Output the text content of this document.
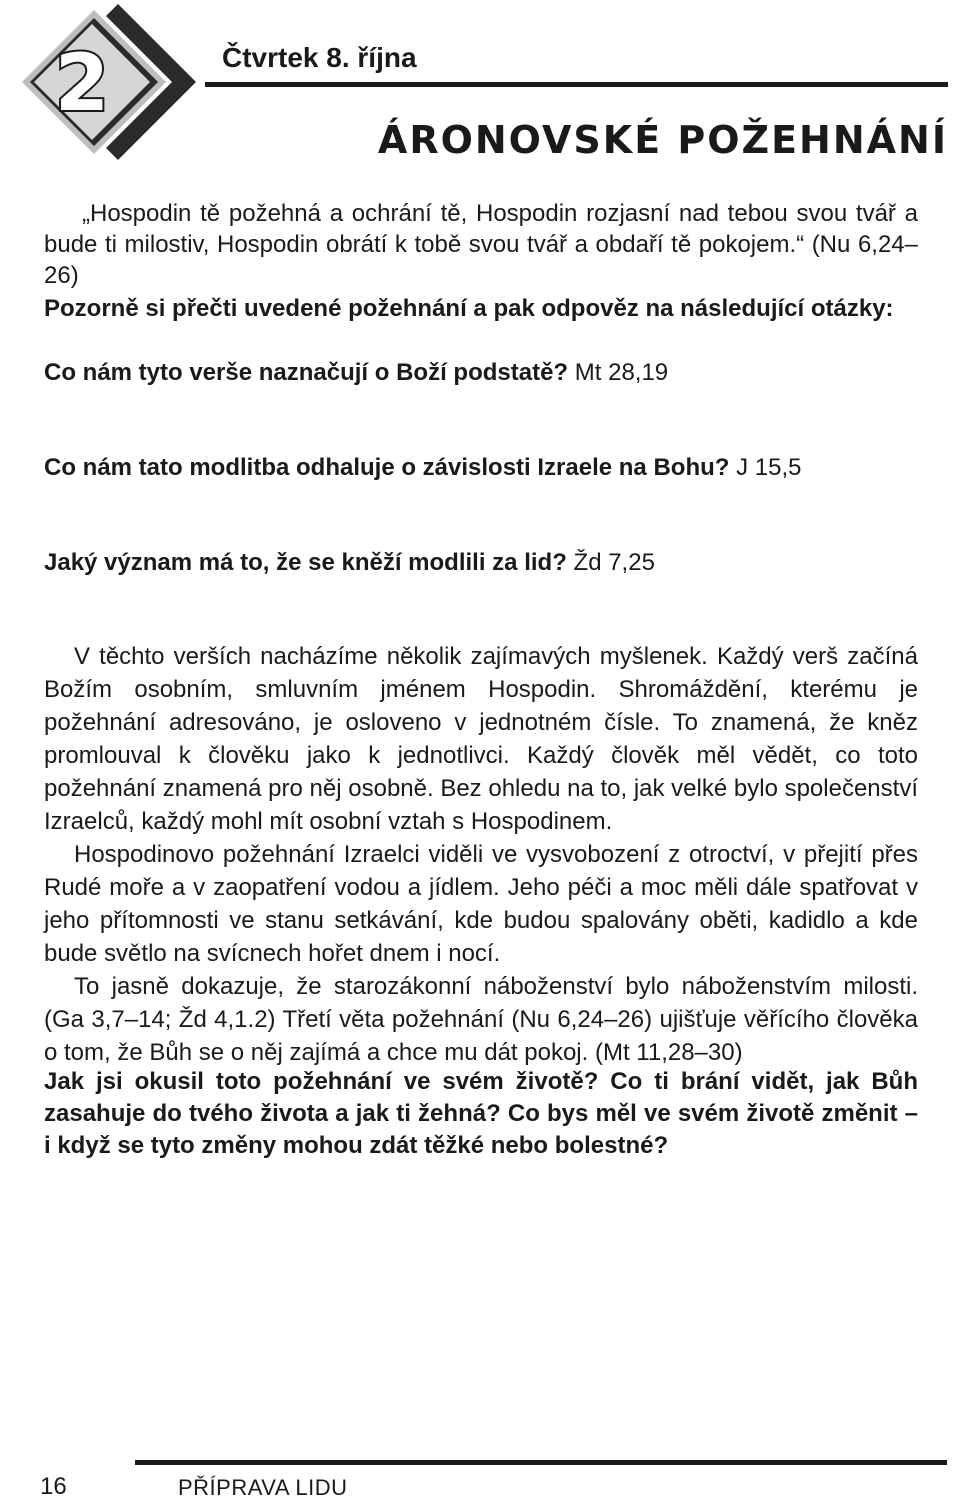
2	Čtvrtek 8. října
ÁRONOVSKÉ POŽEHNÁNÍ
„Hospodin tě požehná a ochrání tě, Hospodin rozjasní nad tebou svou tvář a bude ti milostiv, Hospodin obrátí k tobě svou tvář a obdaří tě pokojem.“ (Nu 6,24–26)
Pozorně si přečti uvedené požehnání a pak odpověz na následující otázky:
Co nám tyto verše naznačují o Boží podstatě? Mt 28,19
Co nám tato modlitba odhaluje o závislosti Izraele na Bohu? J 15,5
Jaký význam má to, že se kněží modlili za lid? Žd 7,25

V těchto verších nacházíme několik zajímavých myšlenek. Každý verš začíná Božím osobním, smluvním jménem Hospodin. Shromáždění, kterému je požehnání adresováno, je osloveno v jednotném čísle. To znamená, že kněz promlouval k člověku jako k jednotlivci. Každý člověk měl vědět, co toto požehnání znamená pro něj osobně. Bez ohledu na to, jak velké bylo společenství Izraelců, každý mohl mít osobní vztah s Hospodinem.

Hospodinovo požehnání Izraelci viděli ve vysvobození z otroctví, v přejití přes Rudé moře a v zaopatření vodou a jídlem. Jeho péči a moc měli dále spatřovat v jeho přítomnosti ve stanu setkávání, kde budou spalovány oběti, kadidlo a kde bude světlo na svícnech hořet dnem i nocí.

To jasně dokazuje, že starozákonní náboženství bylo náboženstvím milosti. (Ga 3,7–14; Žd 4,1.2) Třetí věta požehnání (Nu 6,24–26) ujišťuje věřícího člověka o tom, že Bůh se o něj zajímá a chce mu dát pokoj. (Mt 11,28–30)

Jak jsi okusil toto požehnání ve svém životě? Co ti brání vidět, jak Bůh zasahuje do tvého života a jak ti žehná? Co bys měl ve svém životě změnit – i když se tyto změny mohou zdát těžké nebo bolestné?
16	PŘÍPRAVA LIDU
